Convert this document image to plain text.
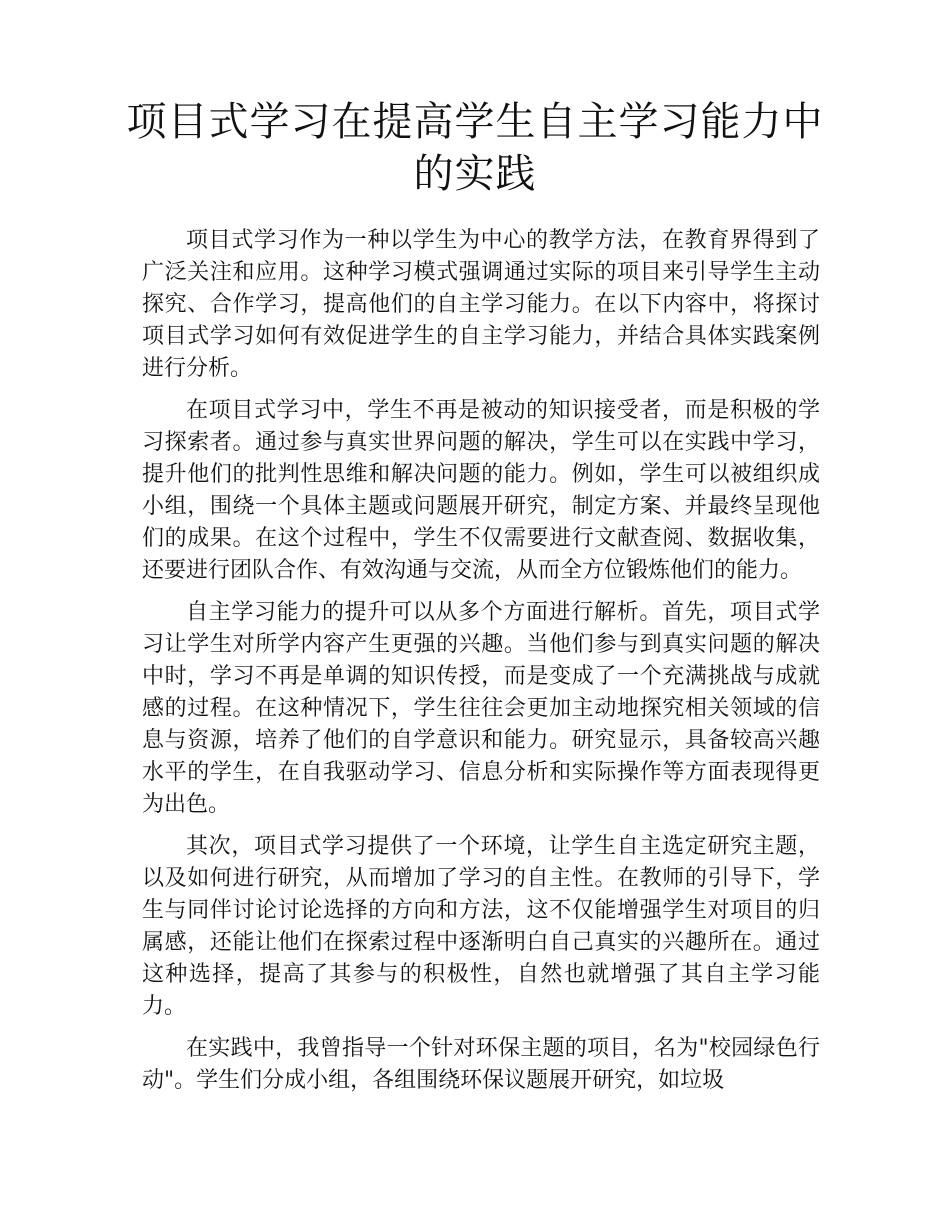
项目式学习在提高学生自主学习能力中的实践

项目式学习作为一种以学生为中心的教学方法，在教育界得到了广泛关注和应用。这种学习模式强调通过实际的项目来引导学生主动探究、合作学习，提高他们的自主学习能力。在以下内容中，将探讨项目式学习如何有效促进学生的自主学习能力，并结合具体实践案例进行分析。

在项目式学习中，学生不再是被动的知识接受者，而是积极的学习探索者。通过参与真实世界问题的解决，学生可以在实践中学习，提升他们的批判性思维和解决问题的能力。例如，学生可以被组织成小组，围绕一个具体主题或问题展开研究，制定方案、并最终呈现他们的成果。在这个过程中，学生不仅需要进行文献查阅、数据收集，还要进行团队合作、有效沟通与交流，从而全方位锻炼他们的能力。

自主学习能力的提升可以从多个方面进行解析。首先，项目式学习让学生对所学内容产生更强的兴趣。当他们参与到真实问题的解决中时，学习不再是单调的知识传授，而是变成了一个充满挑战与成就感的过程。在这种情况下，学生往往会更加主动地探究相关领域的信息与资源，培养了他们的自学意识和能力。研究显示，具备较高兴趣水平的学生，在自我驱动学习、信息分析和实际操作等方面表现得更为出色。

其次，项目式学习提供了一个环境，让学生自主选定研究主题，以及如何进行研究，从而增加了学习的自主性。在教师的引导下，学生与同伴讨论讨论选择的方向和方法，这不仅能增强学生对项目的归属感，还能让他们在探索过程中逐渐明白自己真实的兴趣所在。通过这种选择，提高了其参与的积极性，自然也就增强了其自主学习能力。

在实践中，我曾指导一个针对环保主题的项目，名为"校园绿色行动"。学生们分成小组，各组围绕环保议题展开研究，如垃圾
